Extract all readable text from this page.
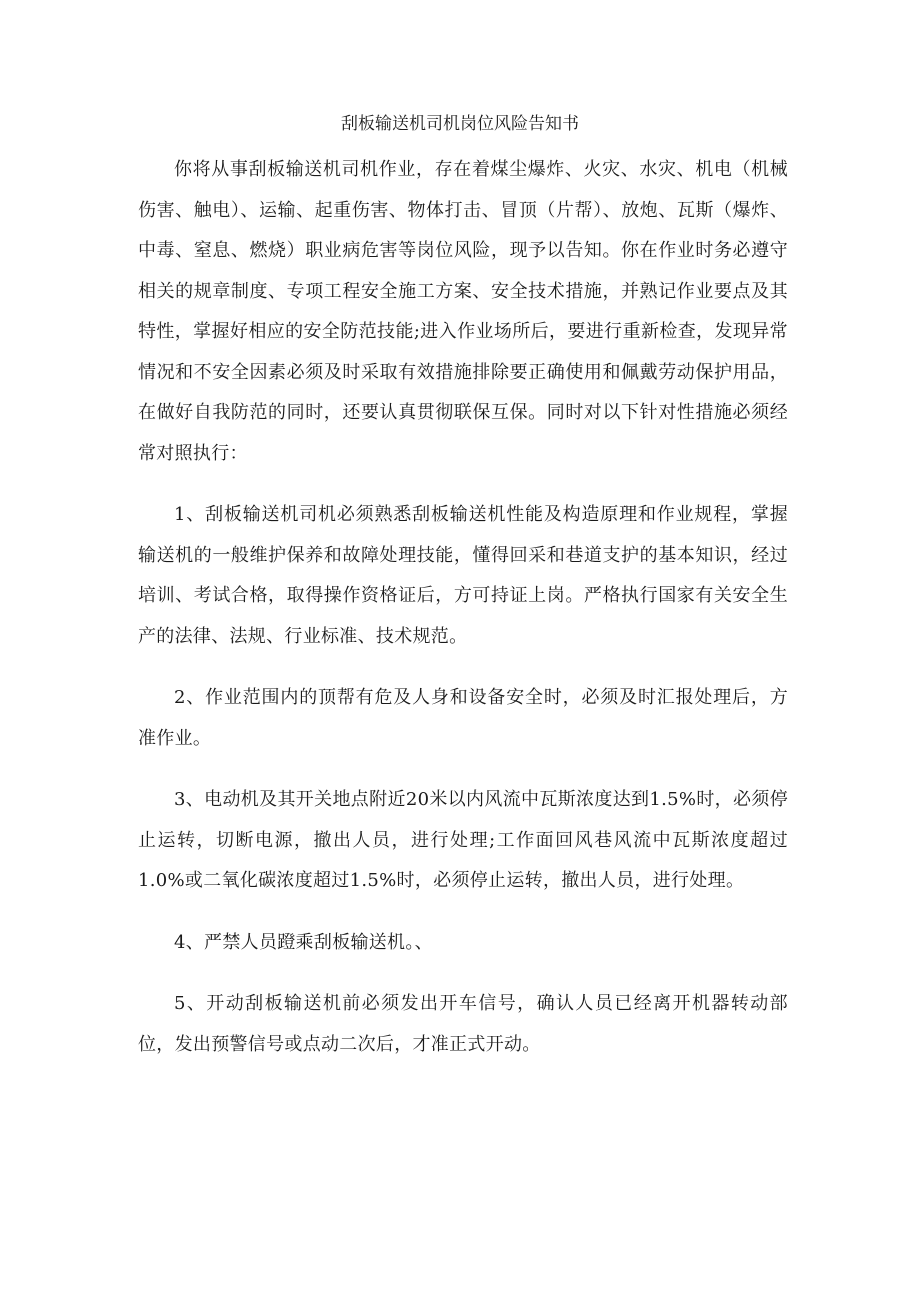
刮板输送机司机岗位风险告知书

你将从事刮板输送机司机作业，存在着煤尘爆炸、火灾、水灾、机电（机械伤害、触电）、运输、起重伤害、物体打击、冒顶（片帮）、放炮、瓦斯（爆炸、中毒、窒息、燃烧）职业病危害等岗位风险，现予以告知。你在作业时务必遵守相关的规章制度、专项工程安全施工方案、安全技术措施，并熟记作业要点及其特性，掌握好相应的安全防范技能;进入作业场所后，要进行重新检查，发现异常情况和不安全因素必须及时采取有效措施排除要正确使用和佩戴劳动保护用品，在做好自我防范的同时，还要认真贯彻联保互保。同时对以下针对性措施必须经常对照执行：

1、刮板输送机司机必须熟悉刮板输送机性能及构造原理和作业规程，掌握输送机的一般维护保养和故障处理技能，懂得回采和巷道支护的基本知识，经过培训、考试合格，取得操作资格证后，方可持证上岗。严格执行国家有关安全生产的法律、法规、行业标准、技术规范。

2、作业范围内的顶帮有危及人身和设备安全时，必须及时汇报处理后，方准作业。

3、电动机及其开关地点附近20米以内风流中瓦斯浓度达到1.5%时，必须停止运转，切断电源，撤出人员，进行处理;工作面回风巷风流中瓦斯浓度超过1.0%或二氧化碳浓度超过1.5%时，必须停止运转，撤出人员，进行处理。

4、严禁人员蹬乘刮板输送机。、

5、开动刮板输送机前必须发出开车信号，确认人员已经离开机器转动部位，发出预警信号或点动二次后，才准正式开动。
